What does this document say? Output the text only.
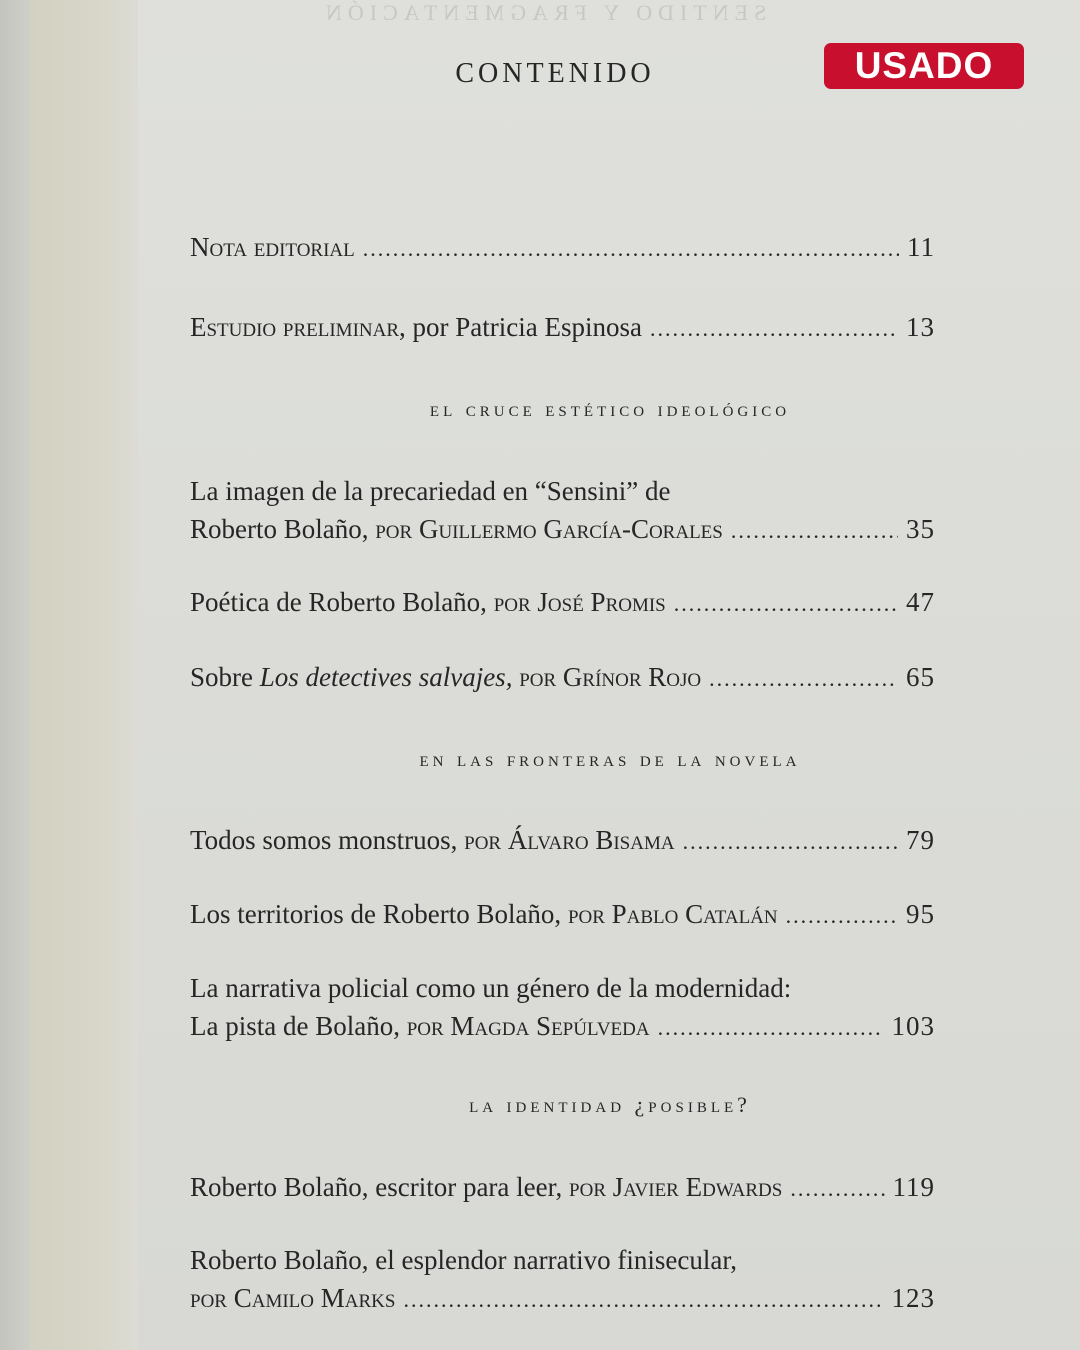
SENTIDO Y FRAGMENTACIÓN
USADO
CONTENIDO
Nota editorial .....	11
Estudio preliminar, por Patricia Espinosa .....	13
el cruce estético ideológico
La imagen de la precariedad en “Sensini” de
Roberto Bolaño, por Guillermo García-Corales .....	35
Poética de Roberto Bolaño, por José Promis .....	47
Sobre Los detectives salvajes, por Grínor Rojo .....	65
en las fronteras de la novela
Todos somos monstruos, por Álvaro Bisama .....	79
Los territorios de Roberto Bolaño, por Pablo Catalán .....	95
La narrativa policial como un género de la modernidad:
La pista de Bolaño, por Magda Sepúlveda .....	103
la identidad ¿posible?
Roberto Bolaño, escritor para leer, por Javier Edwards .....	119
Roberto Bolaño, el esplendor narrativo finisecular,
por Camilo Marks .....	123
